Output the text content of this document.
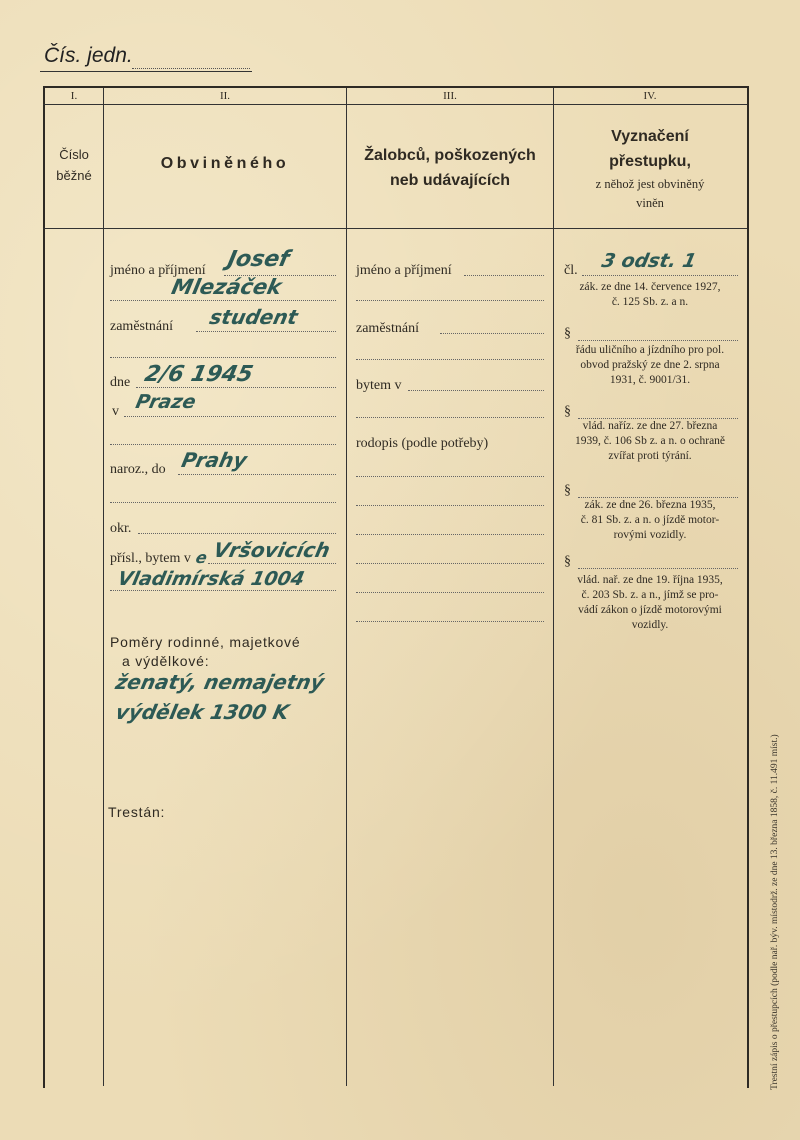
Čís. jedn.
I.	II.	III.	IV.
Číslo
běžné
Obviněného	Žalobců, poškozených
neb udávajících
Vyznačení
přestupku,
z něhož jest obviněný
viněn
jméno a příjmení Josef
Mlezáček
zaměstnání student
dne 2/6 1945
v Praze
naroz., do Prahy
okr.
přísl., bytem v e Vršovicích
Vladimírská 1004
Poměry rodinné, majetkové
a výdělkové:
ženatý, nemajetný
výdělek 1300 K
Trestán:
jméno a příjmení
zaměstnání
bytem v
rodopis (podle potřeby)
čl. 3 odst. 1
zák. ze dne 14. července 1927,
č. 125 Sb. z. a n.
§
řádu uličního a jízdního pro pol.
obvod pražský ze dne 2. srpna
1931, č. 9001/31.
§
vlád. naříz. ze dne 27. března
1939, č. 106 Sb z. a n. o ochraně
zvířat proti týrání.
§
zák. ze dne 26. března 1935,
č. 81 Sb. z. a n. o jízdě motor-
rovými vozidly.
§
vlád. nař. ze dne 19. října 1935,
č. 203 Sb. z. a n., jímž se pro-
vádí zákon o jízdě motorovými
vozidly.
Trestní zápis o přestupcích (podle nař. býv. místodrž. ze dne 13. března 1858, č. 11.491 míst.)
